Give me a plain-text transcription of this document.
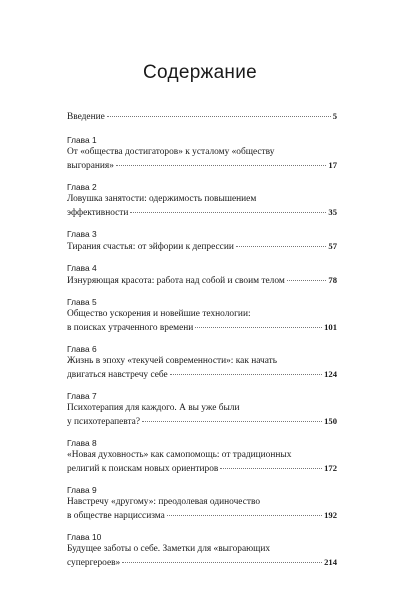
Содержание
Введение	5
Глава 1
От «общества достигаторов» к усталому «обществу
выгорания»	17
Глава 2
Ловушка занятости: одержимость повышением
эффективности	35
Глава 3
Тирания счастья: от эйфории к депрессии	57
Глава 4
Изнуряющая красота: работа над собой и своим телом	78
Глава 5
Общество ускорения и новейшие технологии:
в поисках утраченного времени	101
Глава 6
Жизнь в эпоху «текучей современности»: как начать
двигаться навстречу себе	124
Глава 7
Психотерапия для каждого. А вы уже были
у психотерапевта?	150
Глава 8
«Новая духовность» как самопомощь: от традиционных
религий к поискам новых ориентиров	172
Глава 9
Навстречу «другому»: преодолевая одиночество
в обществе нарциссизма	192
Глава 10
Будущее заботы о себе. Заметки для «выгорающих
супергероев»	214
